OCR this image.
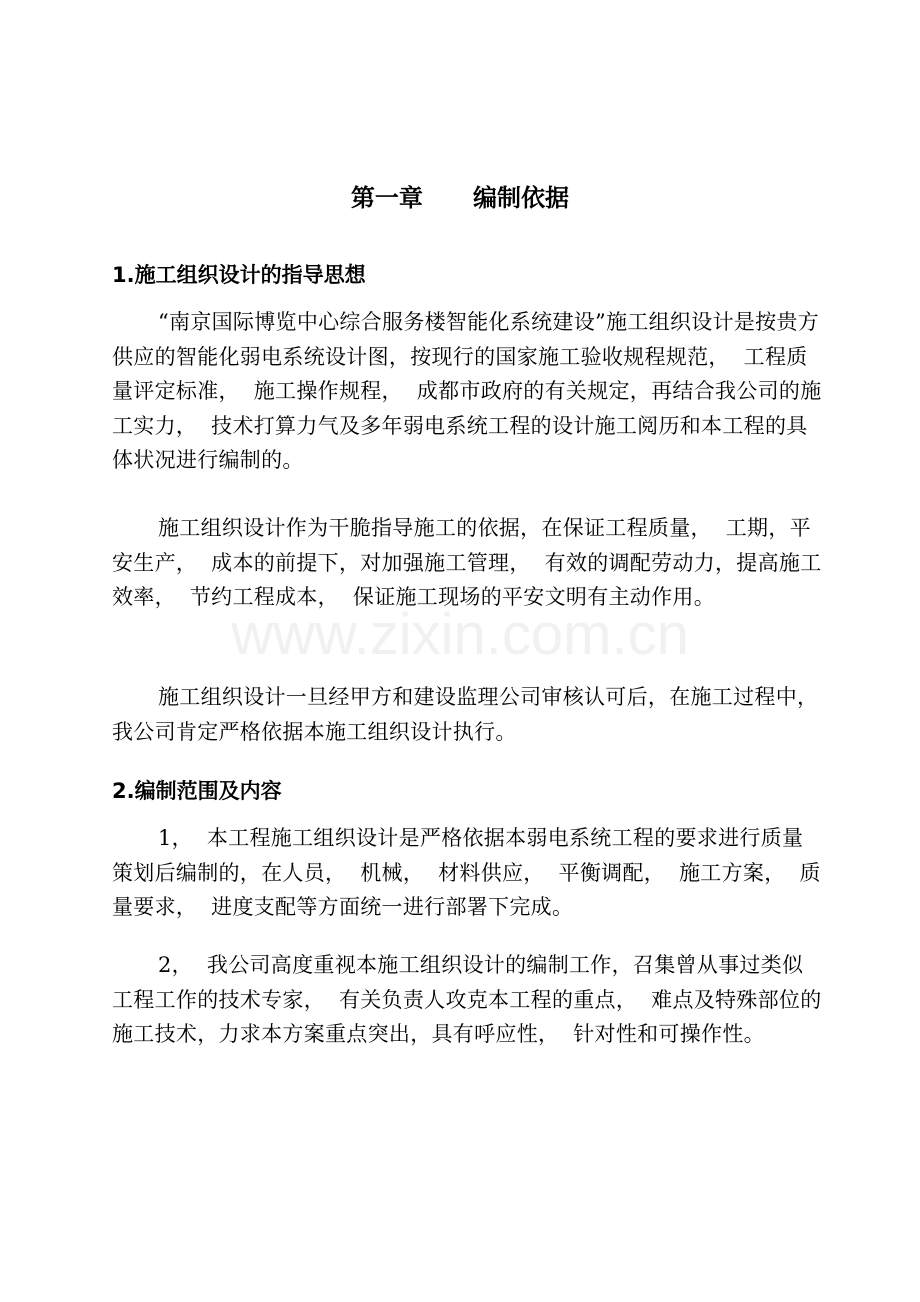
www.zixin.com.cn
第一章      编制依据
1.施工组织设计的指导思想

“南京国际博览中心综合服务楼智能化系统建设”施工组织设计是按贵方供应的智能化弱电系统设计图，按现行的国家施工验收规程规范，  工程质量评定标准，  施工操作规程，  成都市政府的有关规定，再结合我公司的施工实力，  技术打算力气及多年弱电系统工程的设计施工阅历和本工程的具体状况进行编制的。

施工组织设计作为干脆指导施工的依据，在保证工程质量，  工期，平安生产，  成本的前提下，对加强施工管理，  有效的调配劳动力，提高施工效率，  节约工程成本，  保证施工现场的平安文明有主动作用。

施工组织设计一旦经甲方和建设监理公司审核认可后，在施工过程中，我公司肯定严格依据本施工组织设计执行。

2.编制范围及内容

1，  本工程施工组织设计是严格依据本弱电系统工程的要求进行质量策划后编制的，在人员，  机械，  材料供应，  平衡调配，  施工方案，  质量要求，  进度支配等方面统一进行部署下完成。

2，  我公司高度重视本施工组织设计的编制工作，召集曾从事过类似工程工作的技术专家，  有关负责人攻克本工程的重点，  难点及特殊部位的施工技术，力求本方案重点突出，具有呼应性，  针对性和可操作性。
